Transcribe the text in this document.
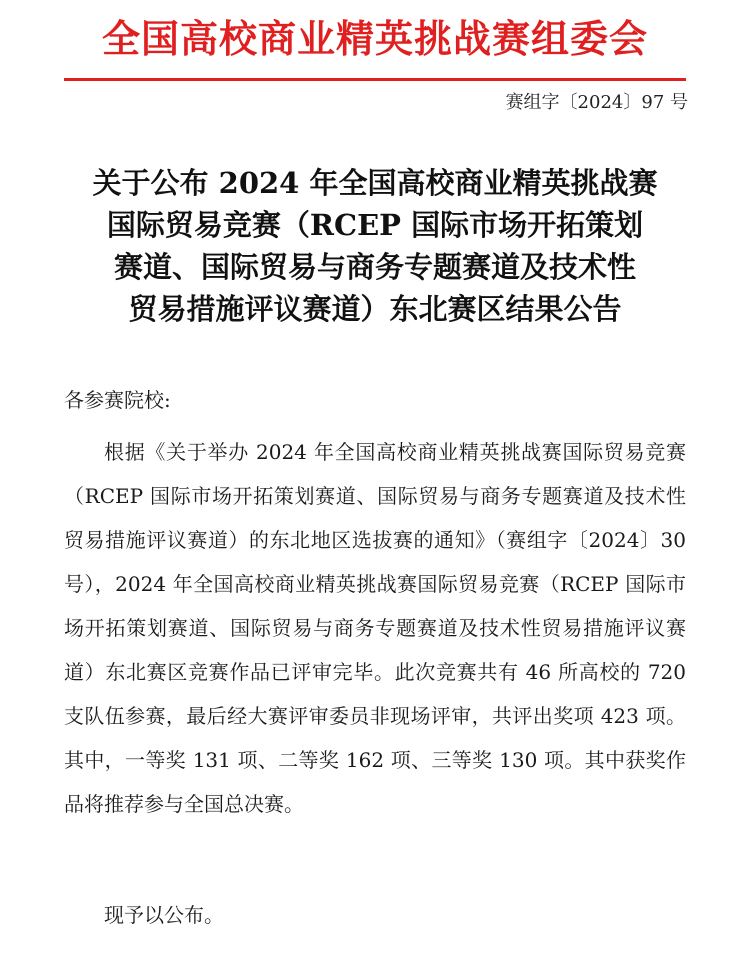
全国高校商业精英挑战赛组委会
赛组字〔2024〕97 号
关于公布 2024 年全国高校商业精英挑战赛
国际贸易竞赛（RCEP 国际市场开拓策划
赛道、国际贸易与商务专题赛道及技术性
贸易措施评议赛道）东北赛区结果公告
各参赛院校:

根据《关于举办 2024 年全国高校商业精英挑战赛国际贸易竞赛（RCEP 国际市场开拓策划赛道、国际贸易与商务专题赛道及技术性贸易措施评议赛道）的东北地区选拔赛的通知》（赛组字〔2024〕30 号），2024 年全国高校商业精英挑战赛国际贸易竞赛（RCEP 国际市场开拓策划赛道、国际贸易与商务专题赛道及技术性贸易措施评议赛道）东北赛区竞赛作品已评审完毕。此次竞赛共有 46 所高校的 720 支队伍参赛，最后经大赛评审委员非现场评审，共评出奖项 423 项。其中，一等奖 131 项、二等奖 162 项、三等奖 130 项。其中获奖作品将推荐参与全国总决赛。

现予以公布。
